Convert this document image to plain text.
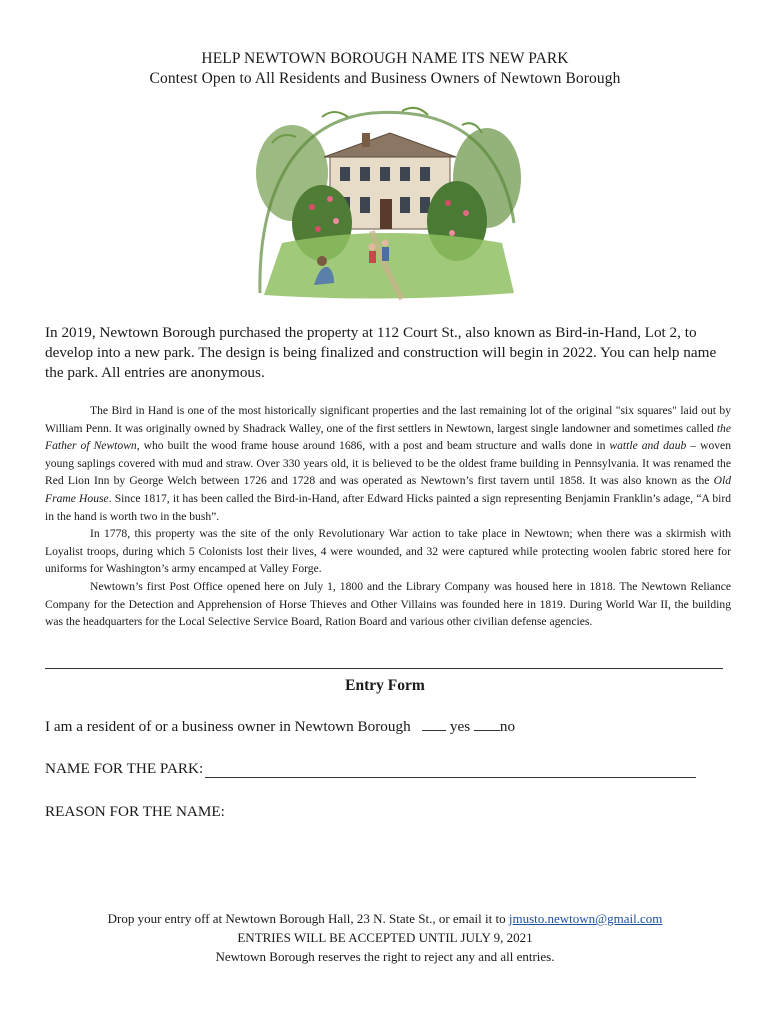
HELP NEWTOWN BOROUGH NAME ITS NEW PARK
Contest Open to All Residents and Business Owners of Newtown Borough
In 2019, Newtown Borough purchased the property at 112 Court St., also known as Bird-in-Hand, Lot 2, to develop into a new park. The design is being finalized and construction will begin in 2022. You can help name the park. All entries are anonymous.

The Bird in Hand is one of the most historically significant properties and the last remaining lot of the original "six squares" laid out by William Penn. It was originally owned by Shadrack Walley, one of the first settlers in Newtown, largest single landowner and sometimes called the Father of Newtown, who built the wood frame house around 1686, with a post and beam structure and walls done in wattle and daub – woven young saplings covered with mud and straw. Over 330 years old, it is believed to be the oldest frame building in Pennsylvania. It was renamed the Red Lion Inn by George Welch between 1726 and 1728 and was operated as Newtown’s first tavern until 1858. It was also known as the Old Frame House. Since 1817, it has been called the Bird-in-Hand, after Edward Hicks painted a sign representing Benjamin Franklin’s adage, “A bird in the hand is worth two in the bush”.

In 1778, this property was the site of the only Revolutionary War action to take place in Newtown; when there was a skirmish with Loyalist troops, during which 5 Colonists lost their lives, 4 were wounded, and 32 were captured while protecting woolen fabric stored here for uniforms for Washington’s army encamped at Valley Forge.

Newtown’s first Post Office opened here on July 1, 1800 and the Library Company was housed here in 1818. The Newtown Reliance Company for the Detection and Apprehension of Horse Thieves and Other Villains was founded here in 1819. During World War II, the building was the headquarters for the Local Selective Service Board, Ration Board and various other civilian defense agencies.

Entry Form
I am a resident of or a business owner in Newtown Borough	yes no
NAME FOR THE PARK:
REASON FOR THE NAME:
Drop your entry off at Newtown Borough Hall, 23 N. State St., or email it to jmusto.newtown@gmail.com
ENTRIES WILL BE ACCEPTED UNTIL JULY 9, 2021
Newtown Borough reserves the right to reject any and all entries.
